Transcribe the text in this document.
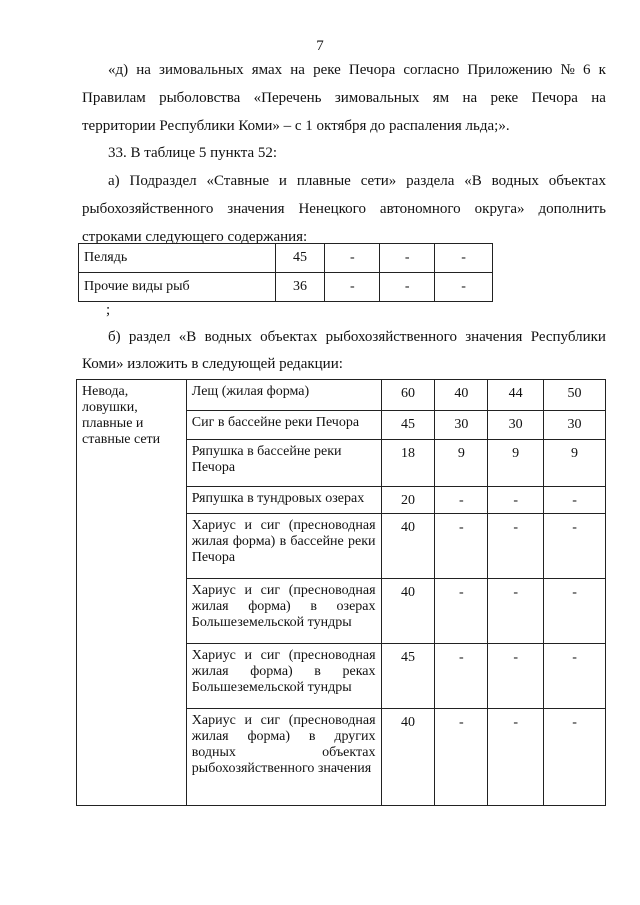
7
«д) на зимовальных ямах на реке Печора согласно Приложению № 6 к
Правилам рыболовства «Перечень зимовальных ям на реке Печора на
территории Республики Коми» – с 1 октября до распаления льда;».
33. В таблице 5 пункта 52:
а) Подраздел «Ставные и плавные сети» раздела «В водных объектах
рыбохозяйственного значения Ненецкого автономного округа» дополнить
строками следующего содержания:
Пелядь	45	-	-	-
Прочие виды рыб	36	-	-	-
;
б) раздел «В водных объектах рыбохозяйственного значения Республики
Коми» изложить в следующей редакции:
Невода, ловушки, плавные и ставные сети	Лещ (жилая форма)	60	40	44	50
	Сиг в бассейне реки Печора	45	30	30	30
	Ряпушка в бассейне реки Печора	18	9	9	9
	Ряпушка в тундровых озерах	20	-	-	-
	Хариус и сиг (пресноводная жилая форма) в бассейне реки Печора	40	-	-	-
	Хариус и сиг (пресноводная жилая форма) в озерах Большеземельской тундры	40	-	-	-
	Хариус и сиг (пресноводная жилая форма) в реках Большеземельской тундры	45	-	-	-
	Хариус и сиг (пресноводная жилая форма) в других водных объектах рыбохозяйственного значения	40	-	-	-
